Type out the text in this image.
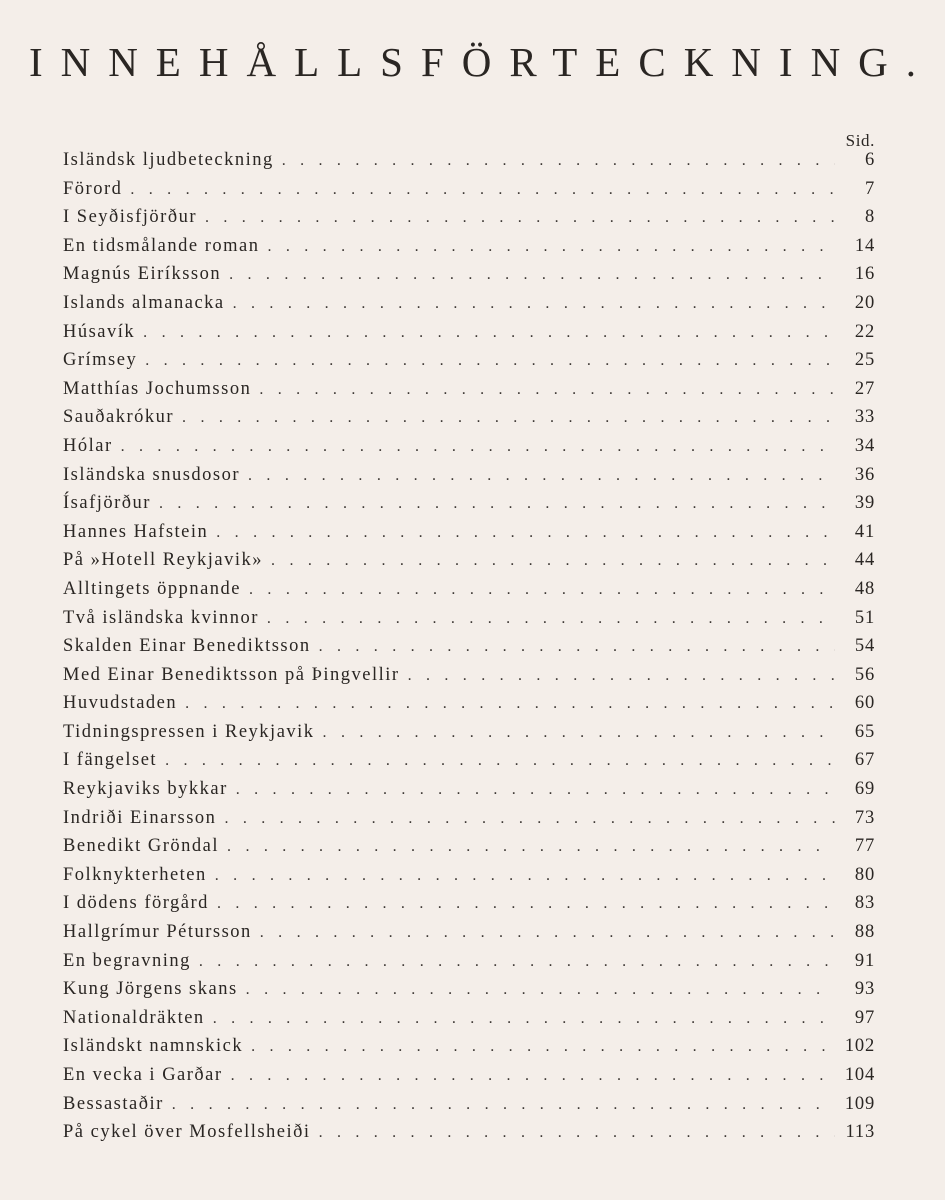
INNEHÅLLSFÖRTECKNING.
Sid.
Isländsk ljudbeteckning . . .	6
Förord . . .	7
I Seyðisfjörður . . .	8
En tidsmålande roman . . .	14
Magnús Eiríksson . . .	16
Islands almanacka . . .	20
Húsavík . . .	22
Grímsey . . .	25
Matthías Jochumsson . . .	27
Sauðakrókur . . .	33
Hólar . . .	34
Isländska snusdosor . . .	36
Ísafjörður . . .	39
Hannes Hafstein . . .	41
På »Hotell Reykjavik» . . .	44
Alltingets öppnande . . .	48
Två isländska kvinnor . . .	51
Skalden Einar Benediktsson . . .	54
Med Einar Benediktsson på Þingvellir . . .	56
Huvudstaden . . .	60
Tidningspressen i Reykjavik . . .	65
I fängelset . . .	67
Reykjaviks bykkar . . .	69
Indriði Einarsson . . .	73
Benedikt Gröndal . . .	77
Folknykterheten . . .	80
I dödens förgård . . .	83
Hallgrímur Pétursson . . .	88
En begravning . . .	91
Kung Jörgens skans . . .	93
Nationaldräkten . . .	97
Isländskt namnskick . . .	102
En vecka i Garðar . . .	104
Bessastaðir . . .	109
På cykel över Mosfellsheiði . . .	113
